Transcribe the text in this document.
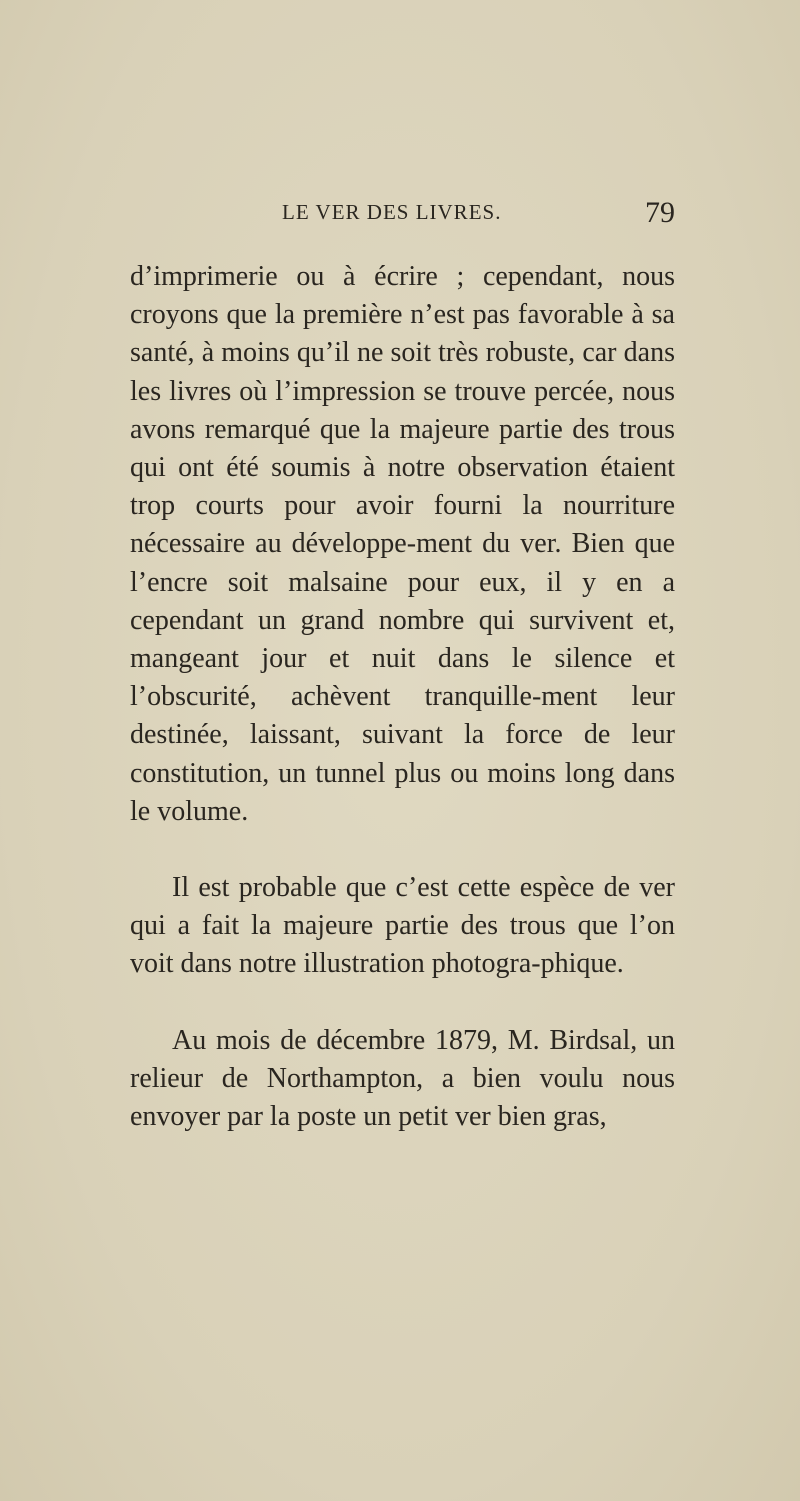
LE VER DES LIVRES.	79

d’imprimerie ou à écrire ; cependant, nous croyons que la première n’est pas favorable à sa santé, à moins qu’il ne soit très robuste, car dans les livres où l’impression se trouve percée, nous avons remarqué que la majeure partie des trous qui ont été soumis à notre observation étaient trop courts pour avoir fourni la nourriture nécessaire au développe-ment du ver. Bien que l’encre soit malsaine pour eux, il y en a cependant un grand nombre qui survivent et, mangeant jour et nuit dans le silence et l’obscurité, achèvent tranquille-ment leur destinée, laissant, suivant la force de leur constitution, un tunnel plus ou moins long dans le volume.

Il est probable que c’est cette espèce de ver qui a fait la majeure partie des trous que l’on voit dans notre illustration photogra-phique.

Au mois de décembre 1879, M. Birdsal, un relieur de Northampton, a bien voulu nous envoyer par la poste un petit ver bien gras,
